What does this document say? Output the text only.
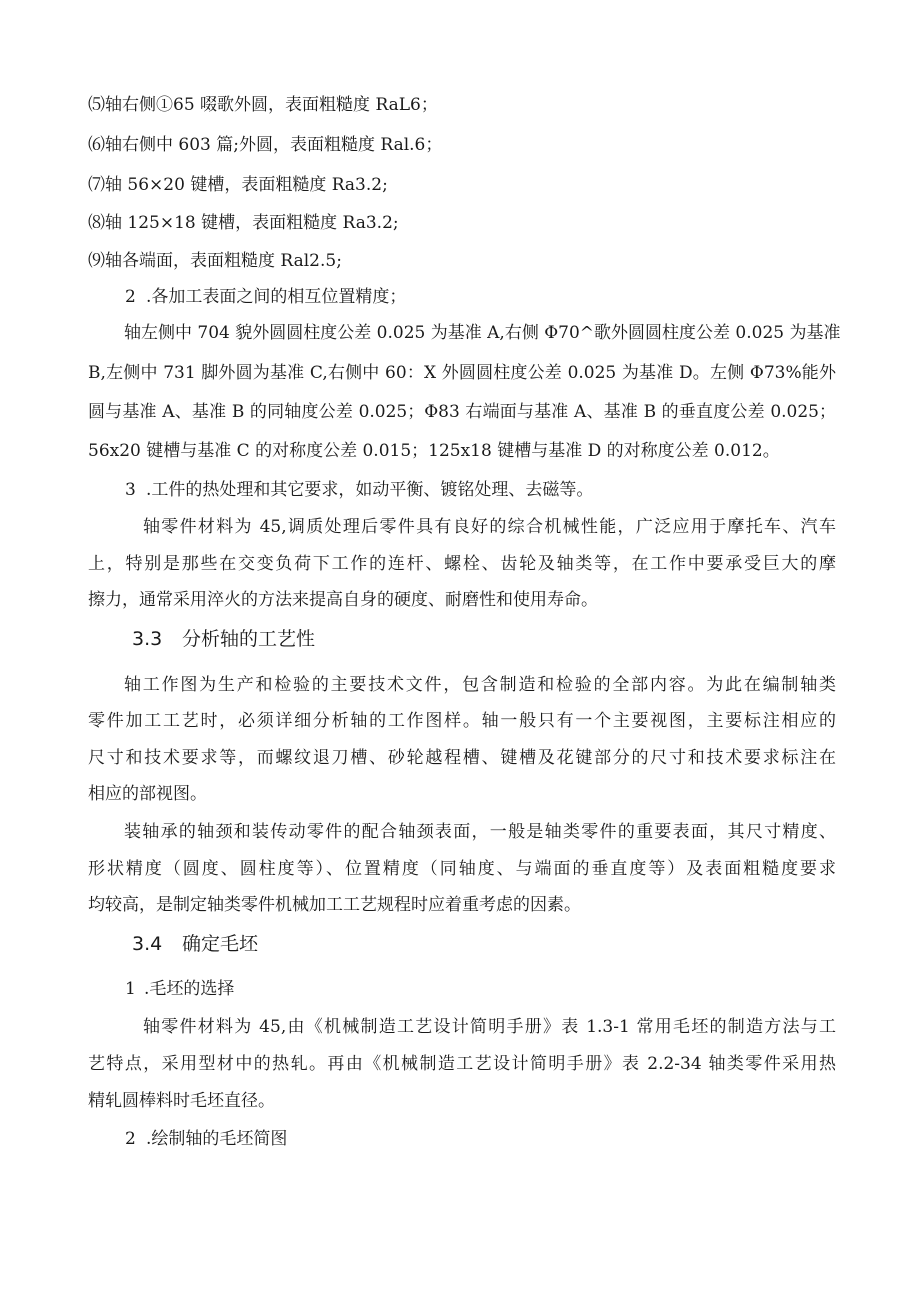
⑸轴右侧①65 啜歌外圆，表面粗糙度 RaL6；
⑹轴右侧中 603 篇;外圆，表面粗糙度 Ral.6；
⑺轴 56×20 键槽，表面粗糙度 Ra3.2;
⑻轴 125×18 键槽，表面粗糙度 Ra3.2;
⑼轴各端面，表面粗糙度 Ral2.5;
2 .各加工表面之间的相互位置精度；
轴左侧中 704 貌外圆圆柱度公差 0.025 为基准 A,右侧 Φ70^歌外圆圆柱度公差 0.025 为基准
B,左侧中 731 脚外圆为基准 C,右侧中 60：X 外圆圆柱度公差 0.025 为基准 D。左侧 Φ73%能外
圆与基准 A、基准 B 的同轴度公差 0.025；Φ83 右端面与基准 A、基准 B 的垂直度公差 0.025；
56x20 键槽与基准 C 的对称度公差 0.015；125x18 键槽与基准 D 的对称度公差 0.012。
3 .工件的热处理和其它要求，如动平衡、镀铭处理、去磁等。
轴零件材料为 45,调质处理后零件具有良好的综合机械性能，广泛应用于摩托车、汽车
上，特别是那些在交变负荷下工作的连杆、螺栓、齿轮及轴类等，在工作中要承受巨大的摩
擦力，通常采用淬火的方法来提高自身的硬度、耐磨性和使用寿命。
3.3 分析轴的工艺性
轴工作图为生产和检验的主要技术文件，包含制造和检验的全部内容。为此在编制轴类
零件加工工艺时，必须详细分析轴的工作图样。轴一般只有一个主要视图，主要标注相应的
尺寸和技术要求等，而螺纹退刀槽、砂轮越程槽、键槽及花键部分的尺寸和技术要求标注在
相应的部视图。
装轴承的轴颈和装传动零件的配合轴颈表面，一般是轴类零件的重要表面，其尺寸精度、
形状精度（圆度、圆柱度等）、位置精度（同轴度、与端面的垂直度等）及表面粗糙度要求
均较高，是制定轴类零件机械加工工艺规程时应着重考虑的因素。
3.4 确定毛坯
1 .毛坯的选择
轴零件材料为 45,由《机械制造工艺设计简明手册》表 1.3-1 常用毛坯的制造方法与工
艺特点，采用型材中的热轧。再由《机械制造工艺设计简明手册》表 2.2-34 轴类零件采用热
精轧圆棒料时毛坯直径。
2 .绘制轴的毛坯简图
